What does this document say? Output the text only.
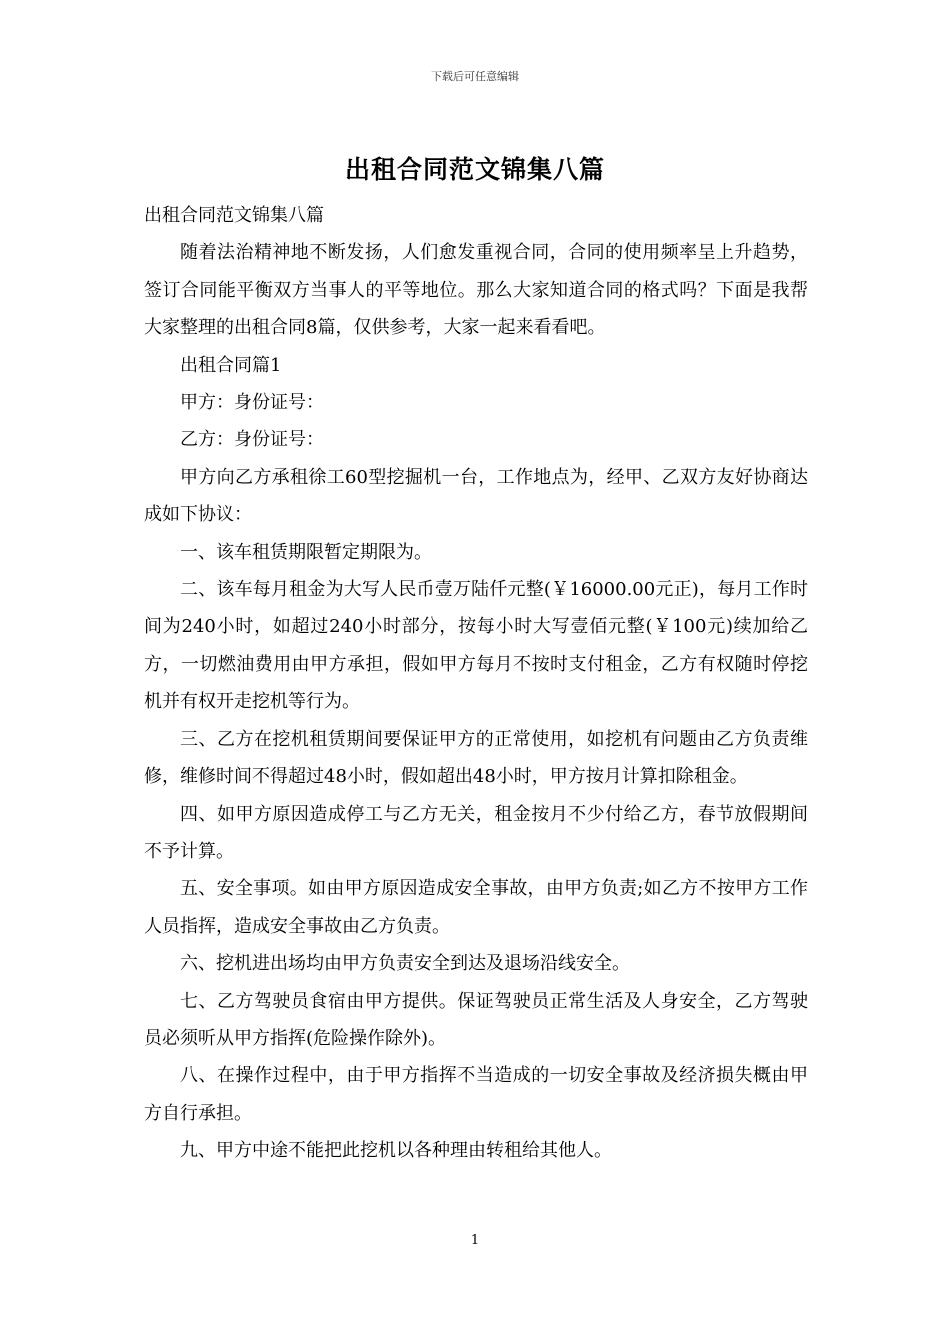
下载后可任意编辑
出租合同范文锦集八篇

出租合同范文锦集八篇

随着法治精神地不断发扬，人们愈发重视合同，合同的使用频率呈上升趋势，签订合同能平衡双方当事人的平等地位。那么大家知道合同的格式吗？下面是我帮大家整理的出租合同8篇，仅供参考，大家一起来看看吧。

出租合同篇1

甲方：身份证号：

乙方：身份证号：

甲方向乙方承租徐工60型挖掘机一台，工作地点为，经甲、乙双方友好协商达成如下协议：

一、该车租赁期限暂定期限为。

二、该车每月租金为大写人民币壹万陆仟元整(￥16000.00元正)，每月工作时间为240小时，如超过240小时部分，按每小时大写壹佰元整(￥100元)续加给乙方，一切燃油费用由甲方承担，假如甲方每月不按时支付租金，乙方有权随时停挖机并有权开走挖机等行为。

三、乙方在挖机租赁期间要保证甲方的正常使用，如挖机有问题由乙方负责维修，维修时间不得超过48小时，假如超出48小时，甲方按月计算扣除租金。

四、如甲方原因造成停工与乙方无关，租金按月不少付给乙方，春节放假期间不予计算。

五、安全事项。如由甲方原因造成安全事故，由甲方负责;如乙方不按甲方工作人员指挥，造成安全事故由乙方负责。

六、挖机进出场均由甲方负责安全到达及退场沿线安全。

七、乙方驾驶员食宿由甲方提供。保证驾驶员正常生活及人身安全，乙方驾驶员必须听从甲方指挥(危险操作除外)。

八、在操作过程中，由于甲方指挥不当造成的一切安全事故及经济损失概由甲方自行承担。

九、甲方中途不能把此挖机以各种理由转租给其他人。

1
